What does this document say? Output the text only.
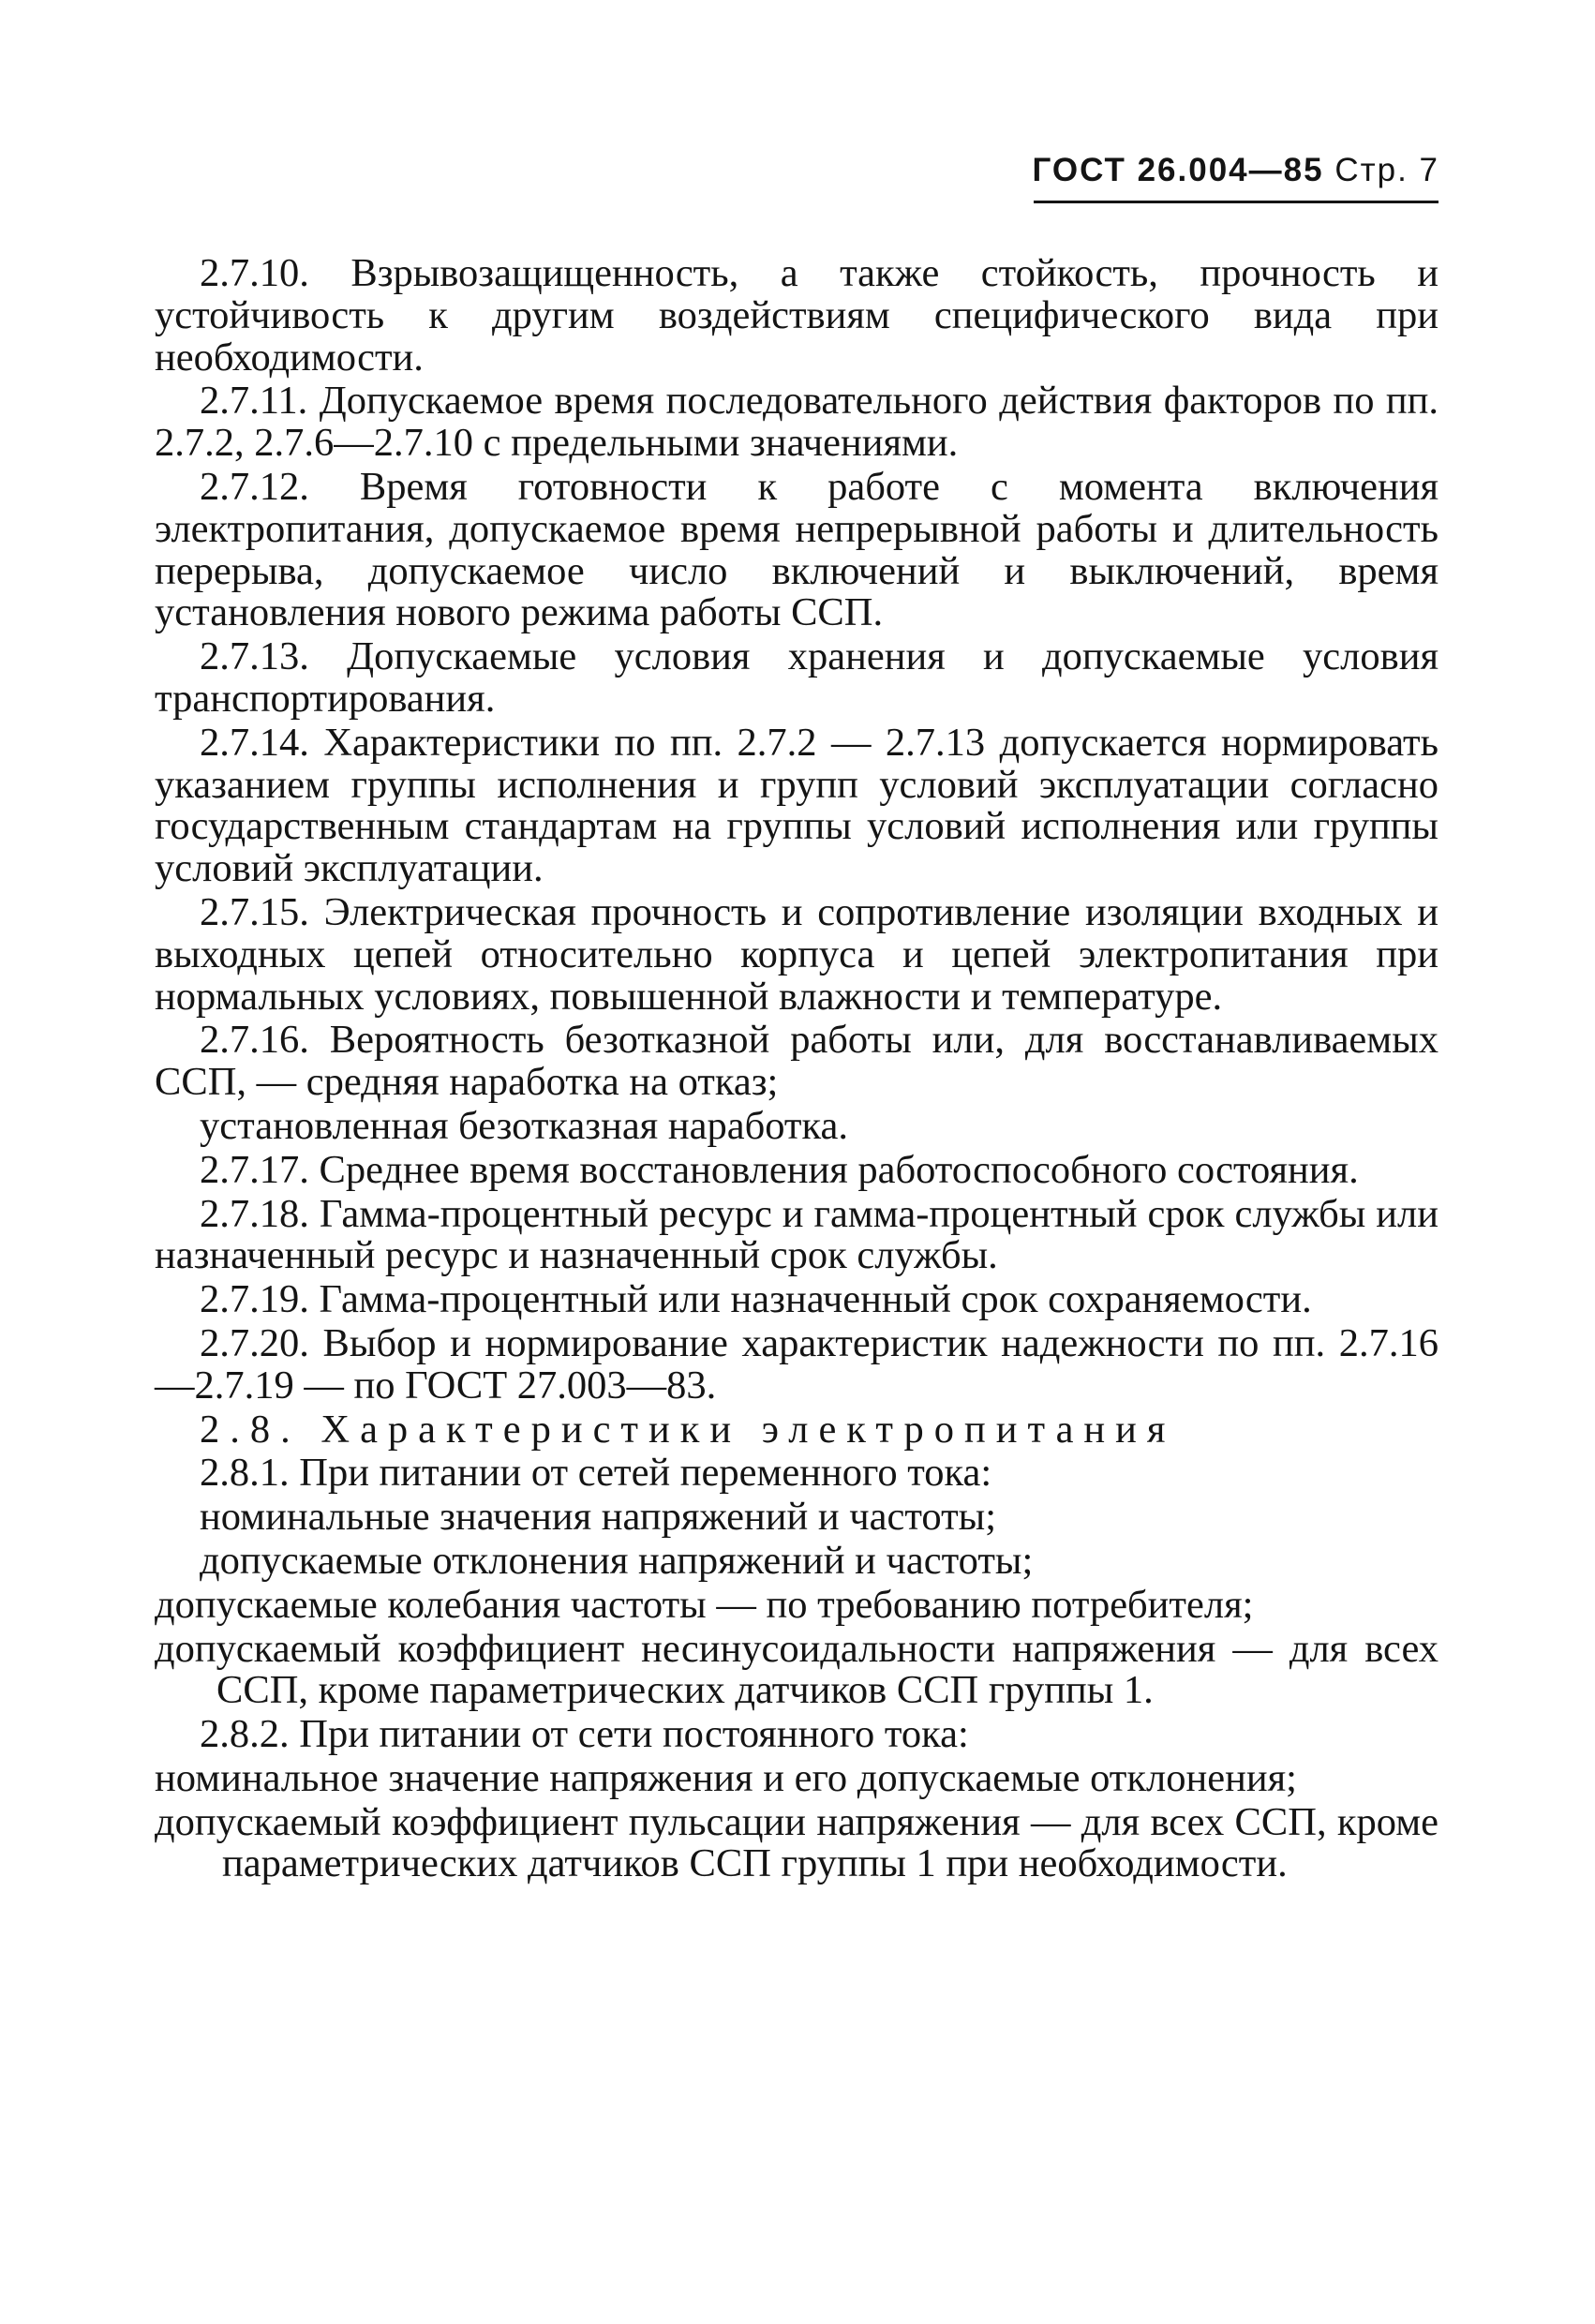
ГОСТ 26.004—85 Стр. 7

2.7.10. Взрывозащищенность, а также стойкость, прочность и устойчивость к другим воздействиям специфического вида при необходимости.

2.7.11. Допускаемое время последовательного действия факторов по пп. 2.7.2, 2.7.6—2.7.10 с предельными значениями.

2.7.12. Время готовности к работе с момента включения электропитания, допускаемое время непрерывной работы и длительность перерыва, допускаемое число включений и выключений, время установления нового режима работы ССП.

2.7.13. Допускаемые условия хранения и допускаемые условия транспортирования.

2.7.14. Характеристики по пп. 2.7.2 — 2.7.13 допускается нормировать указанием группы исполнения и групп условий эксплуатации согласно государственным стандартам на группы условий исполнения или группы условий эксплуатации.

2.7.15. Электрическая прочность и сопротивление изоляции входных и выходных цепей относительно корпуса и цепей электропитания при нормальных условиях, повышенной влажности и температуре.

2.7.16. Вероятность безотказной работы или, для восстанавливаемых ССП, — средняя наработка на отказ;

установленная безотказная наработка.

2.7.17. Среднее время восстановления работоспособного состояния.

2.7.18. Гамма-процентный ресурс и гамма-процентный срок службы или назначенный ресурс и назначенный срок службы.

2.7.19. Гамма-процентный или назначенный срок сохраняемости.

2.7.20. Выбор и нормирование характеристик надежности по пп. 2.7.16—2.7.19 — по ГОСТ 27.003—83.

2.8. Характеристики электропитания

2.8.1. При питании от сетей переменного тока:

номинальные значения напряжений и частоты;

допускаемые отклонения напряжений и частоты;

допускаемые колебания частоты — по требованию потребителя;

допускаемый коэффициент несинусоидальности напряжения — для всех ССП, кроме параметрических датчиков ССП группы 1.

2.8.2. При питании от сети постоянного тока:

номинальное значение напряжения и его допускаемые отклонения;

допускаемый коэффициент пульсации напряжения — для всех ССП, кроме параметрических датчиков ССП группы 1 при необходимости.
